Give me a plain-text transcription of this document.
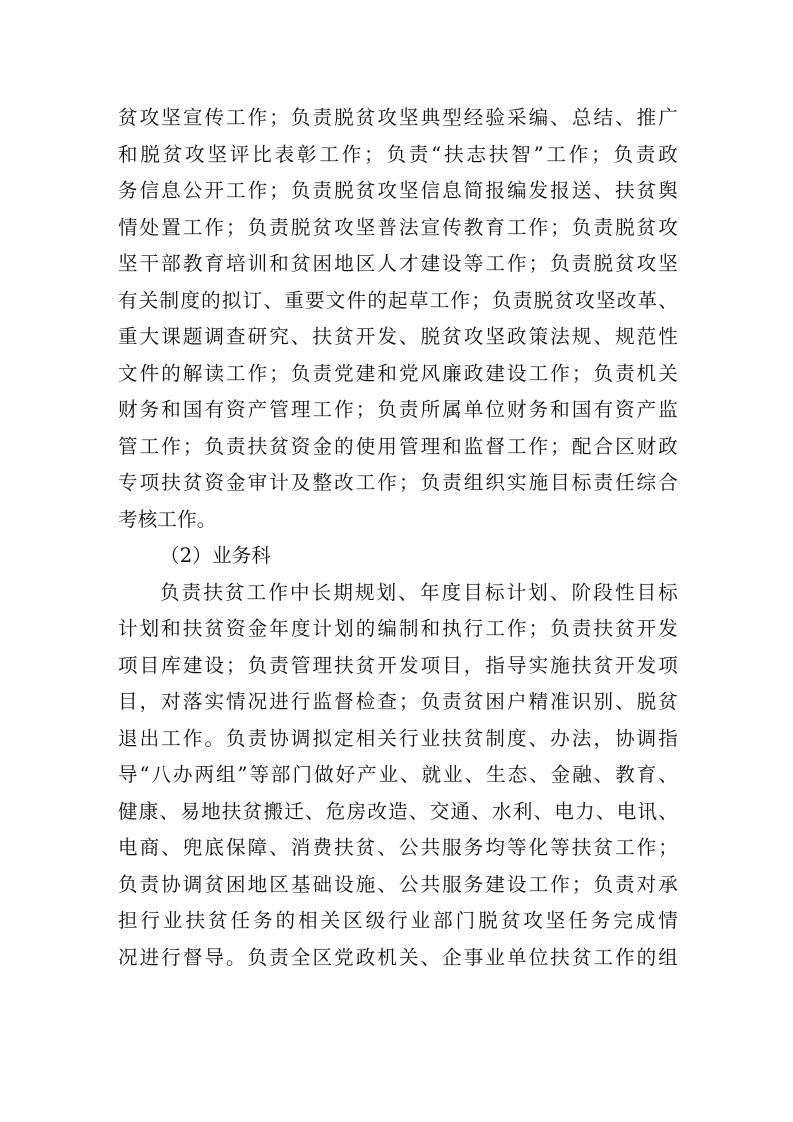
贫攻坚宣传工作；负责脱贫攻坚典型经验采编、总结、推广
和脱贫攻坚评比表彰工作；负责“扶志扶智”工作；负责政
务信息公开工作；负责脱贫攻坚信息简报编发报送、扶贫舆
情处置工作；负责脱贫攻坚普法宣传教育工作；负责脱贫攻
坚干部教育培训和贫困地区人才建设等工作；负责脱贫攻坚
有关制度的拟订、重要文件的起草工作；负责脱贫攻坚改革、
重大课题调查研究、扶贫开发、脱贫攻坚政策法规、规范性
文件的解读工作；负责党建和党风廉政建设工作；负责机关
财务和国有资产管理工作；负责所属单位财务和国有资产监
管工作；负责扶贫资金的使用管理和监督工作；配合区财政
专项扶贫资金审计及整改工作；负责组织实施目标责任综合
考核工作。
（2）业务科
负责扶贫工作中长期规划、年度目标计划、阶段性目标
计划和扶贫资金年度计划的编制和执行工作；负责扶贫开发
项目库建设；负责管理扶贫开发项目，指导实施扶贫开发项
目，对落实情况进行监督检查；负责贫困户精准识别、脱贫
退出工作。负责协调拟定相关行业扶贫制度、办法，协调指
导“八办两组”等部门做好产业、就业、生态、金融、教育、
健康、易地扶贫搬迁、危房改造、交通、水利、电力、电讯、
电商、兜底保障、消费扶贫、公共服务均等化等扶贫工作；
负责协调贫困地区基础设施、公共服务建设工作；负责对承
担行业扶贫任务的相关区级行业部门脱贫攻坚任务完成情
况进行督导。负责全区党政机关、企事业单位扶贫工作的组
